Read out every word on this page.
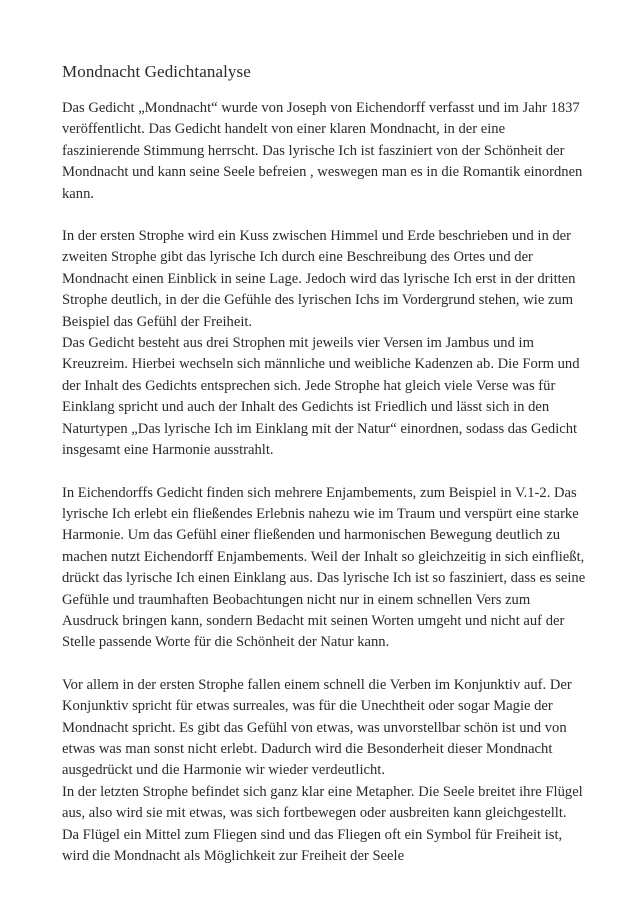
Mondnacht Gedichtanalyse

Das Gedicht „Mondnacht“ wurde von Joseph von Eichendorff verfasst und im Jahr 1837 veröffentlicht. Das Gedicht handelt von einer klaren Mondnacht, in der eine faszinierende Stimmung herrscht. Das lyrische Ich ist fasziniert von der Schönheit der Mondnacht und kann seine Seele befreien , weswegen man es in die Romantik einordnen kann.

In der ersten Strophe wird ein Kuss zwischen Himmel und Erde beschrieben und in der zweiten Strophe gibt das lyrische Ich durch eine Beschreibung des Ortes und der Mondnacht einen Einblick in seine Lage. Jedoch wird das lyrische Ich erst in der dritten Strophe deutlich, in der die Gefühle des lyrischen Ichs im Vordergrund stehen, wie zum Beispiel das Gefühl der Freiheit.

Das Gedicht besteht aus drei Strophen mit jeweils vier Versen im Jambus und im Kreuzreim. Hierbei wechseln sich männliche und weibliche Kadenzen ab. Die Form und der Inhalt des Gedichts entsprechen sich. Jede Strophe hat gleich viele Verse was für Einklang spricht und auch der Inhalt des Gedichts ist Friedlich und lässt sich in den Naturtypen „Das lyrische Ich im Einklang mit der Natur“ einordnen, sodass das Gedicht insgesamt eine Harmonie ausstrahlt.

In Eichendorffs Gedicht finden sich mehrere Enjambements, zum Beispiel in V.1-2. Das lyrische Ich erlebt ein fließendes Erlebnis nahezu wie im Traum und verspürt eine starke Harmonie. Um das Gefühl einer fließenden und harmonischen Bewegung deutlich zu machen nutzt Eichendorff Enjambements. Weil der Inhalt so gleichzeitig in sich einfließt, drückt das lyrische Ich einen Einklang aus. Das lyrische Ich ist so fasziniert, dass es seine Gefühle und traumhaften Beobachtungen nicht nur in einem schnellen Vers zum Ausdruck bringen kann, sondern Bedacht mit seinen Worten umgeht und nicht auf der Stelle passende Worte für die Schönheit der Natur kann.

Vor allem in der ersten Strophe fallen einem schnell die Verben im Konjunktiv auf. Der Konjunktiv spricht für etwas surreales, was für die Unechtheit oder sogar Magie der Mondnacht spricht. Es gibt das Gefühl von etwas, was unvorstellbar schön ist und von etwas was man sonst nicht erlebt. Dadurch wird die Besonderheit dieser Mondnacht ausgedrückt und die Harmonie wir wieder verdeutlicht.

In der letzten Strophe befindet sich ganz klar eine Metapher. Die Seele breitet ihre Flügel aus, also wird sie mit etwas, was sich fortbewegen oder ausbreiten kann gleichgestellt. Da Flügel ein Mittel zum Fliegen sind und das Fliegen oft ein Symbol für Freiheit ist, wird die Mondnacht als Möglichkeit zur Freiheit der Seele
